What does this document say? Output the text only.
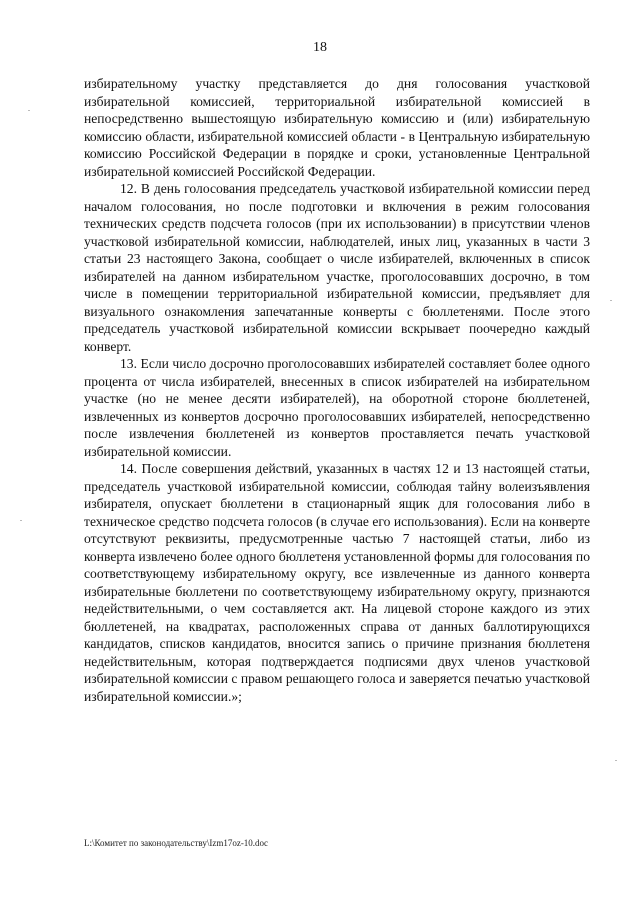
18

избирательному участку представляется до дня голосования участковой избирательной комиссией, территориальной избирательной комиссией в непосредственно вышестоящую избирательную комиссию и (или) избирательную комиссию области, избирательной комиссией области - в Центральную избирательную комиссию Российской Федерации в порядке и сроки, установленные Центральной избирательной комиссией Российской Федерации.

12. В день голосования председатель участковой избирательной комиссии перед началом голосования, но после подготовки и включения в режим голосования технических средств подсчета голосов (при их использовании) в присутствии членов участковой избирательной комиссии, наблюдателей, иных лиц, указанных в части 3 статьи 23 настоящего Закона, сообщает о числе избирателей, включенных в список избирателей на данном избирательном участке, проголосовавших досрочно, в том числе в помещении территориальной избирательной комиссии, предъявляет для визуального ознакомления запечатанные конверты с бюллетенями. После этого председатель участковой избирательной комиссии вскрывает поочередно каждый конверт.

13. Если число досрочно проголосовавших избирателей составляет более одного процента от числа избирателей, внесенных в список избирателей на избирательном участке (но не менее десяти избирателей), на оборотной стороне бюллетеней, извлеченных из конвертов досрочно проголосовавших избирателей, непосредственно после извлечения бюллетеней из конвертов проставляется печать участковой избирательной комиссии.

14. После совершения действий, указанных в частях 12 и 13 настоящей статьи, председатель участковой избирательной комиссии, соблюдая тайну волеизъявления избирателя, опускает бюллетени в стационарный ящик для голосования либо в техническое средство подсчета голосов (в случае его использования). Если на конверте отсутствуют реквизиты, предусмотренные частью 7 настоящей статьи, либо из конверта извлечено более одного бюллетеня установленной формы для голосования по соответствующему избирательному округу, все извлеченные из данного конверта избирательные бюллетени по соответствующему избирательному округу, признаются недействительными, о чем составляется акт. На лицевой стороне каждого из этих бюллетеней, на квадратах, расположенных справа от данных баллотирующихся кандидатов, списков кандидатов, вносится запись о причине признания бюллетеня недействительным, которая подтверждается подписями двух членов участковой избирательной комиссии с правом решающего голоса и заверяется печатью участковой избирательной комиссии.»;

L:\Комитет по законодательству\Izm17oz-10.doc
